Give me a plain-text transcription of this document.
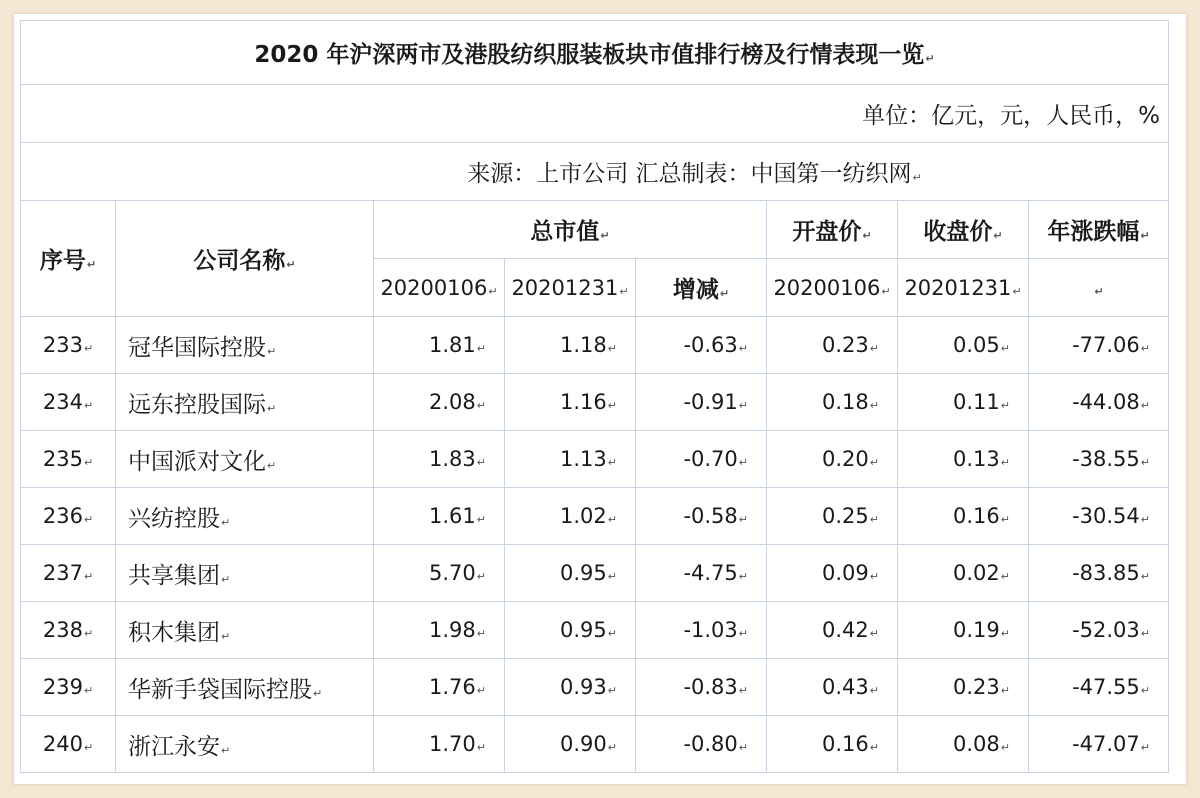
2020 年沪深两市及港股纺织服装板块市值排行榜及行情表现一览↵							
单位：亿元，元，人民币，%							
来源：上市公司 汇总制表：中国第一纺织网↵							
序号↵	公司名称↵	总市值↵			开盘价↵	收盘价↵	年涨跌幅↵
		20200106↵	20201231↵	增减↵	20200106↵	20201231↵	↵
233↵	冠华国际控股↵	1.81↵	1.18↵	-0.63↵	0.23↵	0.05↵	-77.06↵
234↵	远东控股国际↵	2.08↵	1.16↵	-0.91↵	0.18↵	0.11↵	-44.08↵
235↵	中国派对文化↵	1.83↵	1.13↵	-0.70↵	0.20↵	0.13↵	-38.55↵
236↵	兴纺控股↵	1.61↵	1.02↵	-0.58↵	0.25↵	0.16↵	-30.54↵
237↵	共享集团↵	5.70↵	0.95↵	-4.75↵	0.09↵	0.02↵	-83.85↵
238↵	积木集团↵	1.98↵	0.95↵	-1.03↵	0.42↵	0.19↵	-52.03↵
239↵	华新手袋国际控股↵	1.76↵	0.93↵	-0.83↵	0.43↵	0.23↵	-47.55↵
240↵	浙江永安↵	1.70↵	0.90↵	-0.80↵	0.16↵	0.08↵	-47.07↵
